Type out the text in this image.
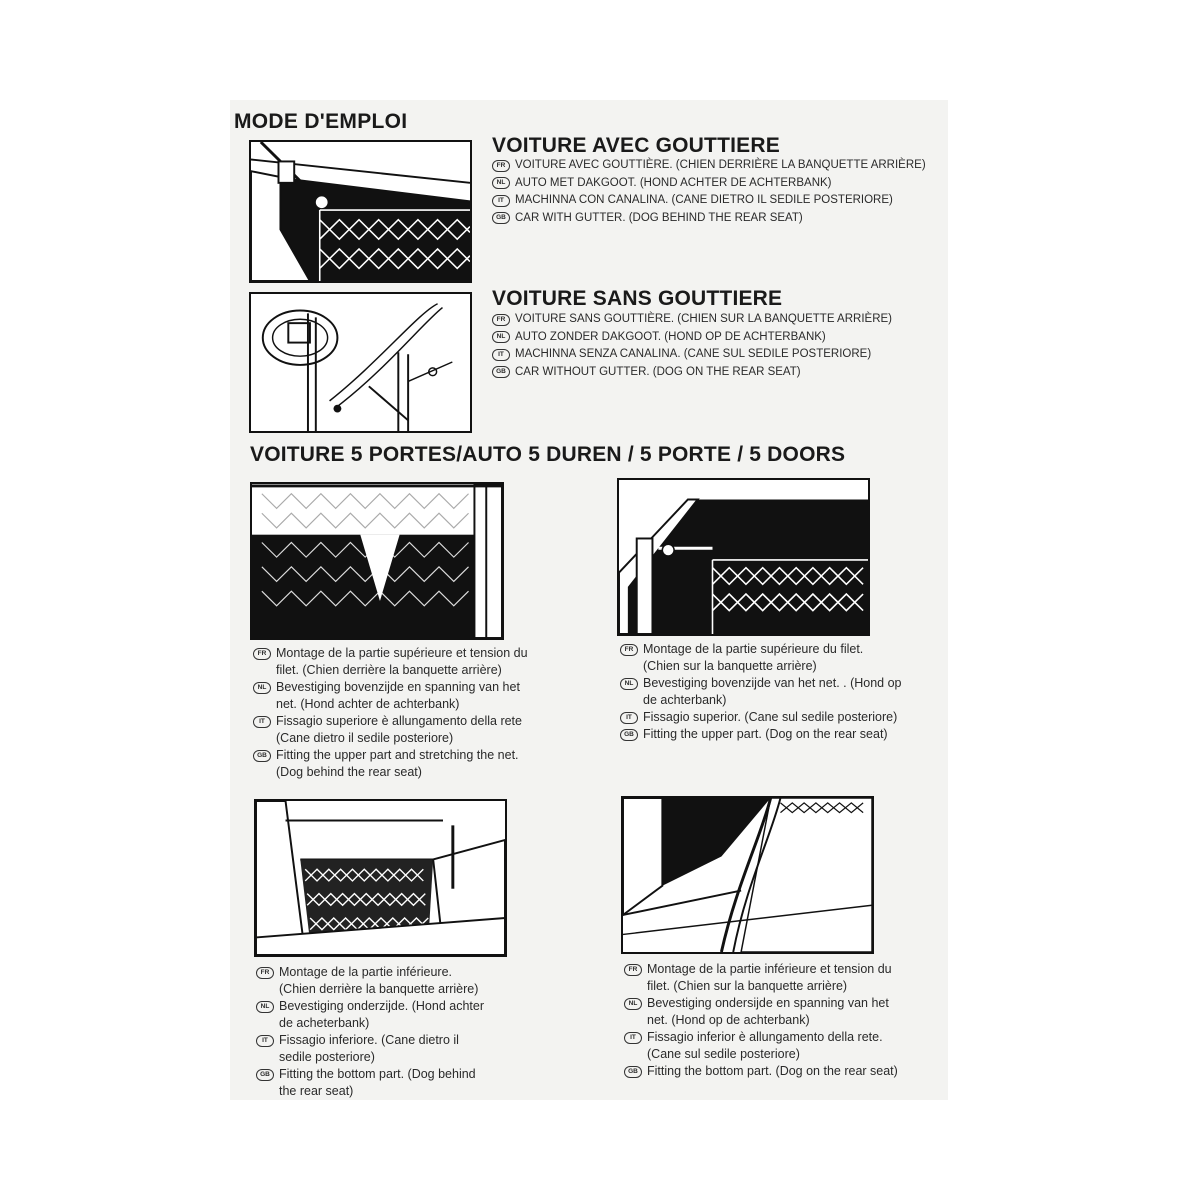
MODE D'EMPLOI
VOITURE AVEC GOUTTIERE
FR VOITURE AVEC GOUTTIÈRE. (CHIEN DERRIÈRE LA BANQUETTE ARRIÈRE)
NL AUTO MET DAKGOOT. (HOND ACHTER DE ACHTERBANK)
IT MACHINNA CON CANALINA. (CANE DIETRO IL SEDILE POSTERIORE)
GB CAR WITH GUTTER. (DOG BEHIND THE REAR SEAT)
VOITURE SANS GOUTTIERE
FR VOITURE SANS GOUTTIÈRE. (CHIEN SUR LA BANQUETTE ARRIÈRE)
NL AUTO ZONDER DAKGOOT. (HOND OP DE ACHTERBANK)
IT MACHINNA SENZA CANALINA. (CANE SUL SEDILE POSTERIORE)
GB CAR WITHOUT GUTTER. (DOG ON THE REAR SEAT)
VOITURE 5 PORTES/AUTO 5 DUREN / 5 PORTE / 5 DOORS
FR Montage de la partie supérieure et tension du
filet. (Chien derrière la banquette arrière)
NL Bevestiging bovenzijde en spanning van het
net. (Hond achter de achterbank)
IT Fissagio superiore è allungamento della rete
(Cane dietro il sedile posteriore)
GB Fitting the upper part and stretching the net.
(Dog behind the rear seat)
FR Montage de la partie supérieure du filet.
(Chien sur la banquette arrière)
NL Bevestiging bovenzijde van het net. . (Hond op
de achterbank)
IT Fissagio superior. (Cane sul sedile posteriore)
GB Fitting the upper part. (Dog on the rear seat)
FR Montage de la partie inférieure.
(Chien derrière la banquette arrière)
NL Bevestiging onderzijde. (Hond achter
de acheterbank)
IT Fissagio inferiore. (Cane dietro il
sedile posteriore)
GB Fitting the bottom part. (Dog behind
the rear seat)
FR Montage de la partie inférieure et tension du
filet. (Chien sur la banquette arrière)
NL Bevestiging ondersijde en spanning van het
net. (Hond op de achterbank)
IT Fissagio inferior è allungamento della rete.
(Cane sul sedile posteriore)
GB Fitting the bottom part. (Dog on the rear seat)
